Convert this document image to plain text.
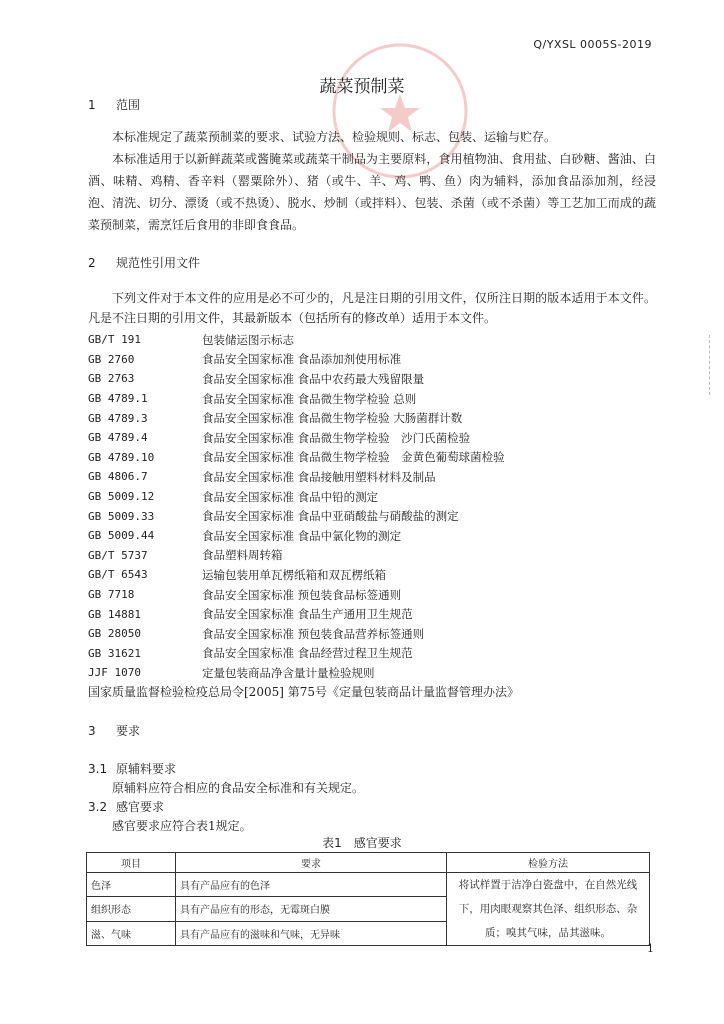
Q/YXSL 0005S-2019
蔬菜预制菜
1 范围
本标准规定了蔬菜预制菜的要求、试验方法、检验规则、标志、包装、运输与贮存。
本标准适用于以新鲜蔬菜或酱腌菜或蔬菜干制品为主要原料，食用植物油、食用盐、白砂糖、酱油、白酒、味精、鸡精、香辛料（罂粟除外）、猪（或牛、羊、鸡、鸭、鱼）肉为辅料，添加食品添加剂，经浸泡、清洗、切分、漂烫（或不热烫）、脱水、炒制（或拌料）、包装、杀菌（或不杀菌）等工艺加工而成的蔬菜预制菜，需烹饪后食用的非即食食品。
2 规范性引用文件
下列文件对于本文件的应用是必不可少的，凡是注日期的引用文件，仅所注日期的版本适用于本文件。凡是不注日期的引用文件，其最新版本（包括所有的修改单）适用于本文件。
GB/T 191	包装储运图示标志
GB 2760	食品安全国家标准 食品添加剂使用标准
GB 2763	食品安全国家标准 食品中农药最大残留限量
GB 4789.1	食品安全国家标准 食品微生物学检验 总则
GB 4789.3	食品安全国家标准 食品微生物学检验 大肠菌群计数
GB 4789.4	食品安全国家标准 食品微生物学检验　沙门氏菌检验
GB 4789.10	食品安全国家标准 食品微生物学检验　金黄色葡萄球菌检验
GB 4806.7	食品安全国家标准 食品接触用塑料材料及制品
GB 5009.12	食品安全国家标准 食品中铅的测定
GB 5009.33	食品安全国家标准 食品中亚硝酸盐与硝酸盐的测定
GB 5009.44	食品安全国家标准 食品中氯化物的测定
GB/T 5737	食品塑料周转箱
GB/T 6543	运输包装用单瓦楞纸箱和双瓦楞纸箱
GB 7718	食品安全国家标准 预包装食品标签通则
GB 14881	食品安全国家标准 食品生产通用卫生规范
GB 28050	食品安全国家标准 预包装食品营养标签通则
GB 31621	食品安全国家标准 食品经营过程卫生规范
JJF 1070	定量包装商品净含量计量检验规则
国家质量监督检验检疫总局令[2005] 第75号《定量包装商品计量监督管理办法》
3 要求
3.1 原辅料要求
原辅料应符合相应的食品安全标准和有关规定。
3.2 感官要求
感官要求应符合表1规定。
表1　感官要求
项目	要求	检验方法
色泽	具有产品应有的色泽	将试样置于洁净白瓷盘中，在自然光线下，用肉眼观察其色泽、组织形态、杂质；嗅其气味，品其滋味。
组织形态	具有产品应有的形态，无霉斑白膜	
滋、气味	具有产品应有的滋味和气味，无异味	
1
